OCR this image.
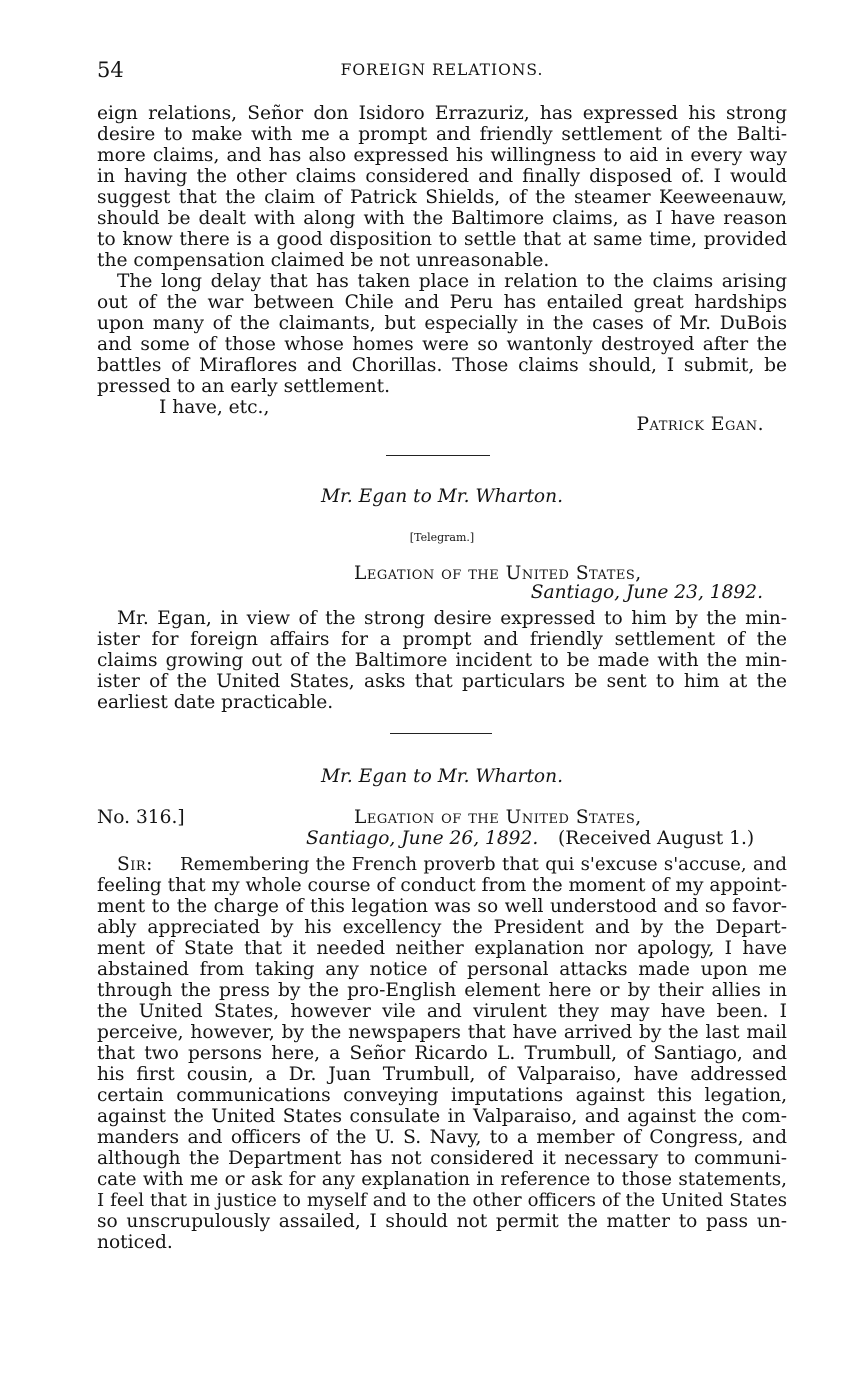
54	FOREIGN RELATIONS.
eign relations, Señor don Isidoro Errazuriz, has expressed his strong
desire to make with me a prompt and friendly settlement of the Balti-
more claims, and has also expressed his willingness to aid in every way
in having the other claims considered and finally disposed of. I would
suggest that the claim of Patrick Shields, of the steamer Keeweenauw,
should be dealt with along with the Baltimore claims, as I have reason
to know there is a good disposition to settle that at same time, provided
the compensation claimed be not unreasonable.
The long delay that has taken place in relation to the claims arising
out of the war between Chile and Peru has entailed great hardships
upon many of the claimants, but especially in the cases of Mr. DuBois
and some of those whose homes were so wantonly destroyed after the
battles of Miraflores and Chorillas. Those claims should, I submit, be
pressed to an early settlement.
I have, etc.,
Patrick Egan.
Mr. Egan to Mr. Wharton.
[Telegram.]
Legation of the United States,
Santiago, June 23, 1892.
Mr. Egan, in view of the strong desire expressed to him by the min-
ister for foreign affairs for a prompt and friendly settlement of the
claims growing out of the Baltimore incident to be made with the min-
ister of the United States, asks that particulars be sent to him at the
earliest date practicable.
Mr. Egan to Mr. Wharton.
No. 316.]	Legation of the United States,
Santiago, June 26, 1892.	(Received August 1.)
Sir:	Remembering the French proverb that qui s'excuse s'accuse, and
feeling that my whole course of conduct from the moment of my appoint-
ment to the charge of this legation was so well understood and so favor-
ably appreciated by his excellency the President and by the Depart-
ment of State that it needed neither explanation nor apology, I have
abstained from taking any notice of personal attacks made upon me
through the press by the pro-English element here or by their allies in
the United States, however vile and virulent they may have been. I
perceive, however, by the newspapers that have arrived by the last mail
that two persons here, a Señor Ricardo L. Trumbull, of Santiago, and
his first cousin, a Dr. Juan Trumbull, of Valparaiso, have addressed
certain communications conveying imputations against this legation,
against the United States consulate in Valparaiso, and against the com-
manders and officers of the U. S. Navy, to a member of Congress, and
although the Department has not considered it necessary to communi-
cate with me or ask for any explanation in reference to those statements,
I feel that in justice to myself and to the other officers of the United States
so unscrupulously assailed, I should not permit the matter to pass un-
noticed.
